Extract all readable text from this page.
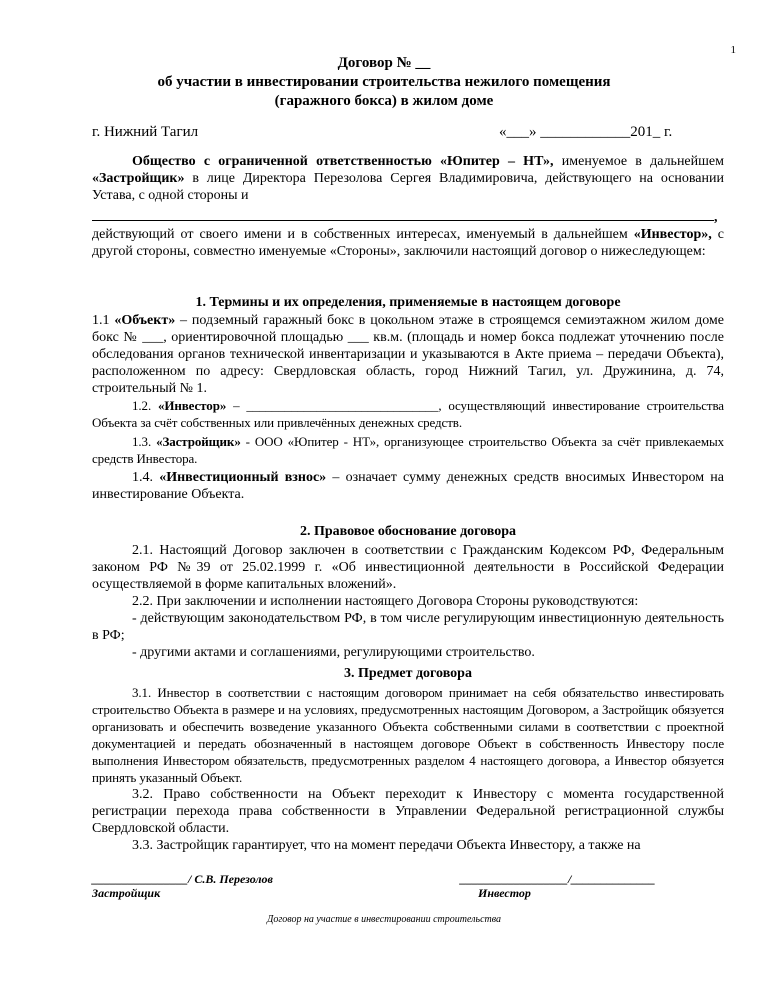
1
Договор № __
об участии в инвестировании строительства нежилого помещения
(гаражного бокса) в жилом доме
г. Нижний Тагил	«___» ____________201_ г.

Общество с ограниченной ответственностью «Юпитер – НТ», именуемое в дальнейшем «Застройщик» в лице Директора Перезолова Сергея Владимировича, действующего на основании Устава, с одной стороны и

,

действующий от своего имени и в собственных интересах, именуемый в дальнейшем «Инвестор», с другой стороны, совместно именуемые «Стороны», заключили настоящий договор о нижеследующем:

1. Термины и их определения, применяемые в настоящем договоре

1.1 «Объект» – подземный гаражный бокс в цокольном этаже в строящемся семиэтажном жилом доме бокс № ___, ориентировочной площадью ___ кв.м. (площадь и номер бокса подлежат уточнению после обследования органов технической инвентаризации и указываются в Акте приема – передачи Объекта), расположенном по адресу: Свердловская область, город Нижний Тагил, ул. Дружинина, д. 74, строительный № 1.

1.2. «Инвестор» – ______________________________, осуществляющий инвестирование строительства Объекта за счёт собственных или привлечённых денежных средств.

1.3. «Застройщик» - ООО «Юпитер - НТ», организующее строительство Объекта за счёт привлекаемых средств Инвестора.

1.4. «Инвестиционный взнос» – означает сумму денежных средств вносимых Инвестором на инвестирование Объекта.

2. Правовое обоснование договора

2.1. Настоящий Договор заключен в соответствии с Гражданским Кодексом РФ, Федеральным законом РФ №39 от 25.02.1999 г. «Об инвестиционной деятельности в Российской Федерации осуществляемой в форме капитальных вложений».

2.2. При заключении и исполнении настоящего Договора Стороны руководствуются:

- действующим законодательством РФ, в том числе регулирующим инвестиционную деятельность в РФ;

- другими актами и соглашениями, регулирующими строительство.

3. Предмет договора

3.1. Инвестор в соответствии с настоящим договором принимает на себя обязательство инвестировать строительство Объекта в размере и на условиях, предусмотренных настоящим Договором, а Застройщик обязуется организовать и обеспечить возведение указанного Объекта собственными силами в соответствии с проектной документацией и передать обозначенный в настоящем договоре Объект в собственность Инвестору после выполнения Инвестором обязательств, предусмотренных разделом 4 настоящего договора, а Инвестор обязуется принять указанный Объект.

3.2. Право собственности на Объект переходит к Инвестору с момента государственной регистрации перехода права собственности в Управлении Федеральной регистрационной службы Свердловской области.

3.3. Застройщик гарантирует, что на момент передачи Объекта Инвестору, а также на

________________/ С.В. Перезолов
Застройщик
__________________/______________
Инвестор
Договор на участие в инвестировании строительства
